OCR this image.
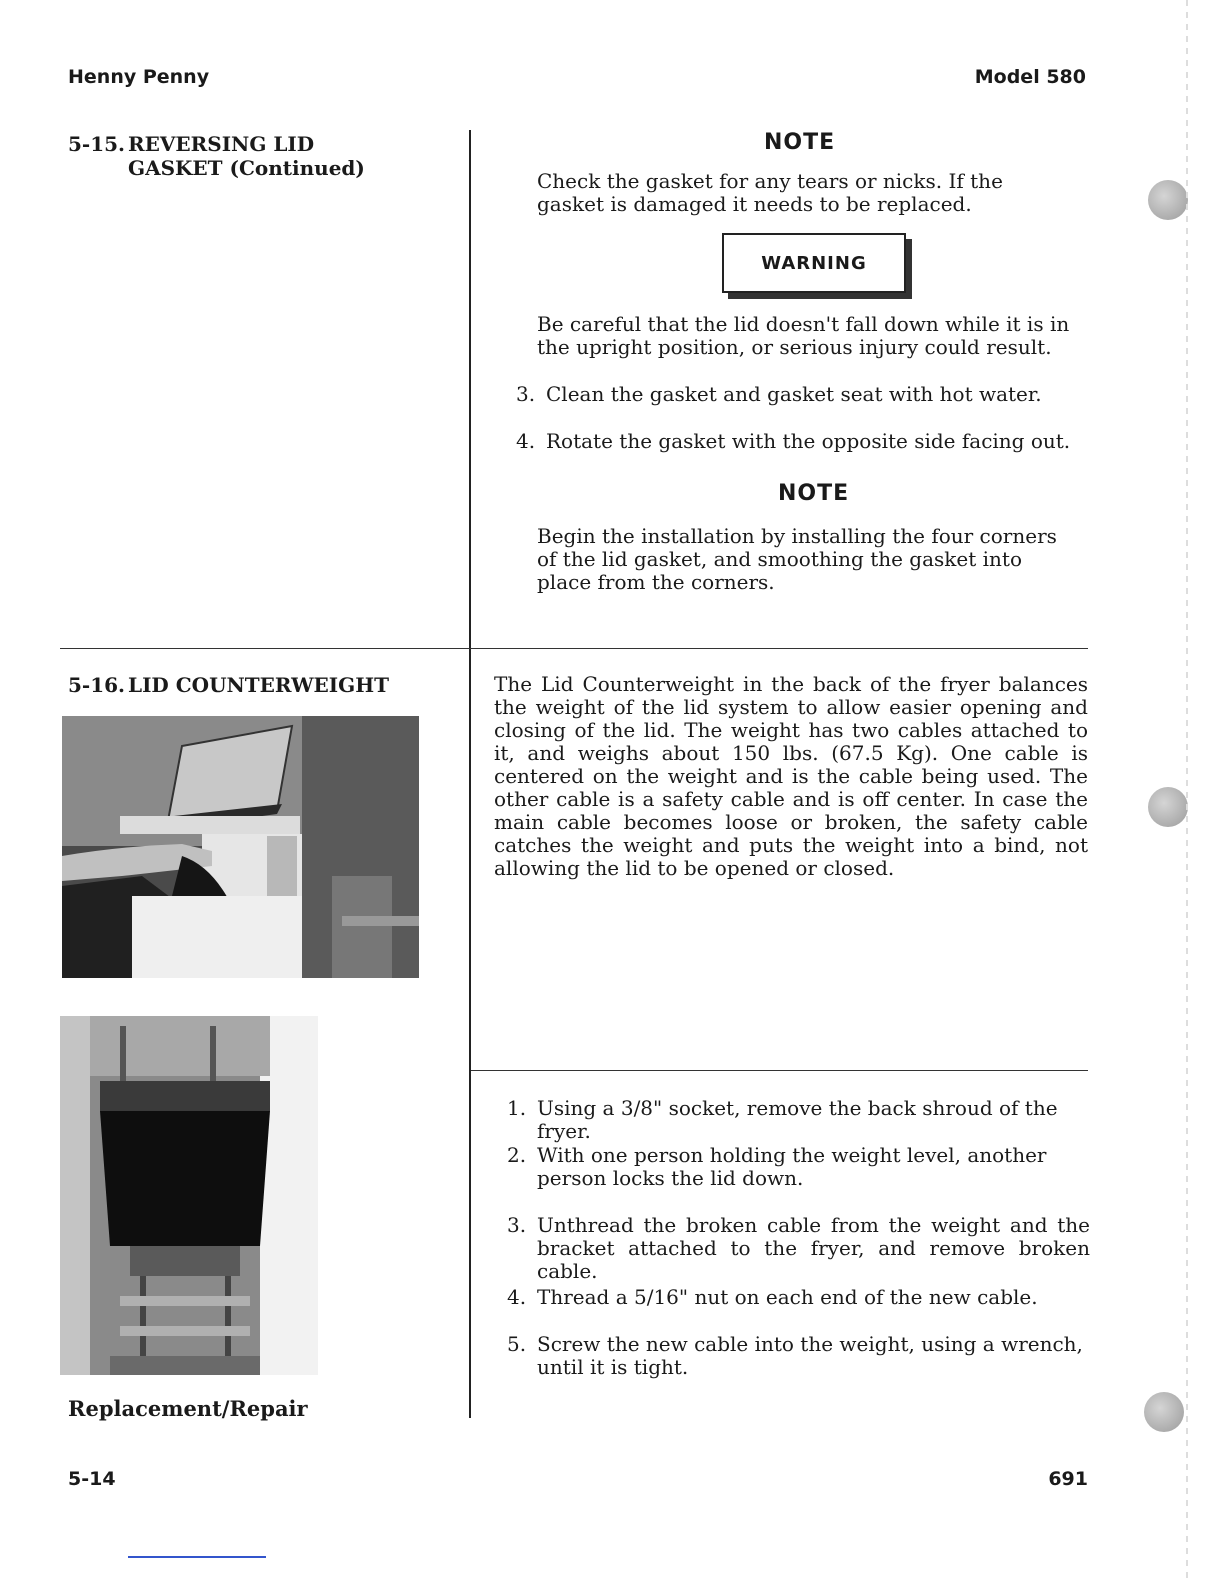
Henny Penny	Model 580
5-15. REVERSING LID
GASKET (Continued)
NOTE
Check the gasket for any tears or nicks. If the gasket is damaged it needs to be replaced.
WARNING
Be careful that the lid doesn't fall down while it is in the upright position, or serious injury could result.
3. Clean the gasket and gasket seat with hot water.
4. Rotate the gasket with the opposite side facing out.
NOTE
Begin the installation by installing the four corners of the lid gasket, and smoothing the gasket into place from the corners.
5-16. LID COUNTERWEIGHT	The Lid Counterweight in the back of the fryer balances the weight of the lid system to allow easier opening and closing of the lid. The weight has two cables attached to it, and weighs about 150 lbs. (67.5 Kg). One cable is centered on the weight and is the cable being used. The other cable is a safety cable and is off center. In case the main cable becomes loose or broken, the safety cable catches the weight and puts the weight into a bind, not allowing the lid to be opened or closed.
1. Using a 3/8" socket, remove the back shroud of the fryer.
2. With one person holding the weight level, another person locks the lid down.
3. Unthread the broken cable from the weight and the bracket attached to the fryer, and remove broken cable.
4. Thread a 5/16" nut on each end of the new cable.
5. Screw the new cable into the weight, using a wrench, until it is tight.
Replacement/Repair
5-14	691
